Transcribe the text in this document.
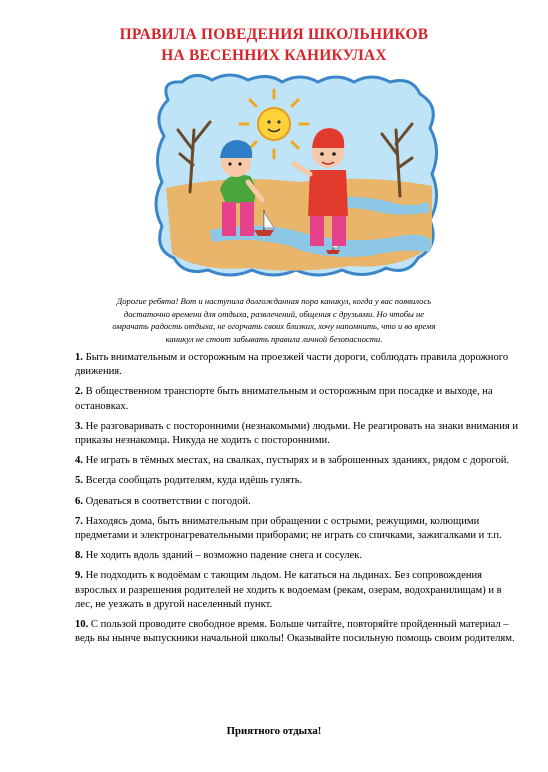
ПРАВИЛА ПОВЕДЕНИЯ ШКОЛЬНИКОВ
НА ВЕСЕННИХ КАНИКУЛАХ
Дорогие ребята! Вот и наступила долгожданная пора каникул, когда у вас появилось
достаточно времени для отдыха, развлечений, общения с друзьями. Но чтобы не
омрачать радость отдыха, не огорчать своих близких, хочу напомнить, что и во время
каникул не стоит забывать правила личной безопасности.
1. Быть внимательным и осторожным на проезжей части дороги, соблюдать правила дорожного движения.
2. В общественном транспорте быть внимательным и осторожным при посадке и выходе, на остановках.
3. Не разговаривать с посторонними (незнакомыми) людьми. Не реагировать на знаки внимания и приказы незнакомца. Никуда не ходить с посторонними.
4. Не играть в тёмных местах, на свалках, пустырях и в заброшенных зданиях, рядом с дорогой.
5. Всегда сообщать родителям, куда идёшь гулять.
6. Одеваться в соответствии с погодой.
7. Находясь дома, быть внимательным при обращении с острыми, режущими, колющими предметами и электронагревательными приборами; не играть со спичками, зажигалками и т.п.
8. Не ходить вдоль зданий – возможно падение снега и сосулек.
9. Не подходить к водоёмам с тающим льдом. Не кататься на льдинах. Без сопровождения взрослых и разрешения родителей не ходить к водоемам (рекам, озерам, водохранилищам) и в лес, не уезжать в другой населенный пункт.
10. С пользой проводите свободное время. Больше читайте, повторяйте пройденный материал – ведь вы нынче выпускники начальной школы! Оказывайте посильную помощь своим родителям.
Приятного отдыха!
